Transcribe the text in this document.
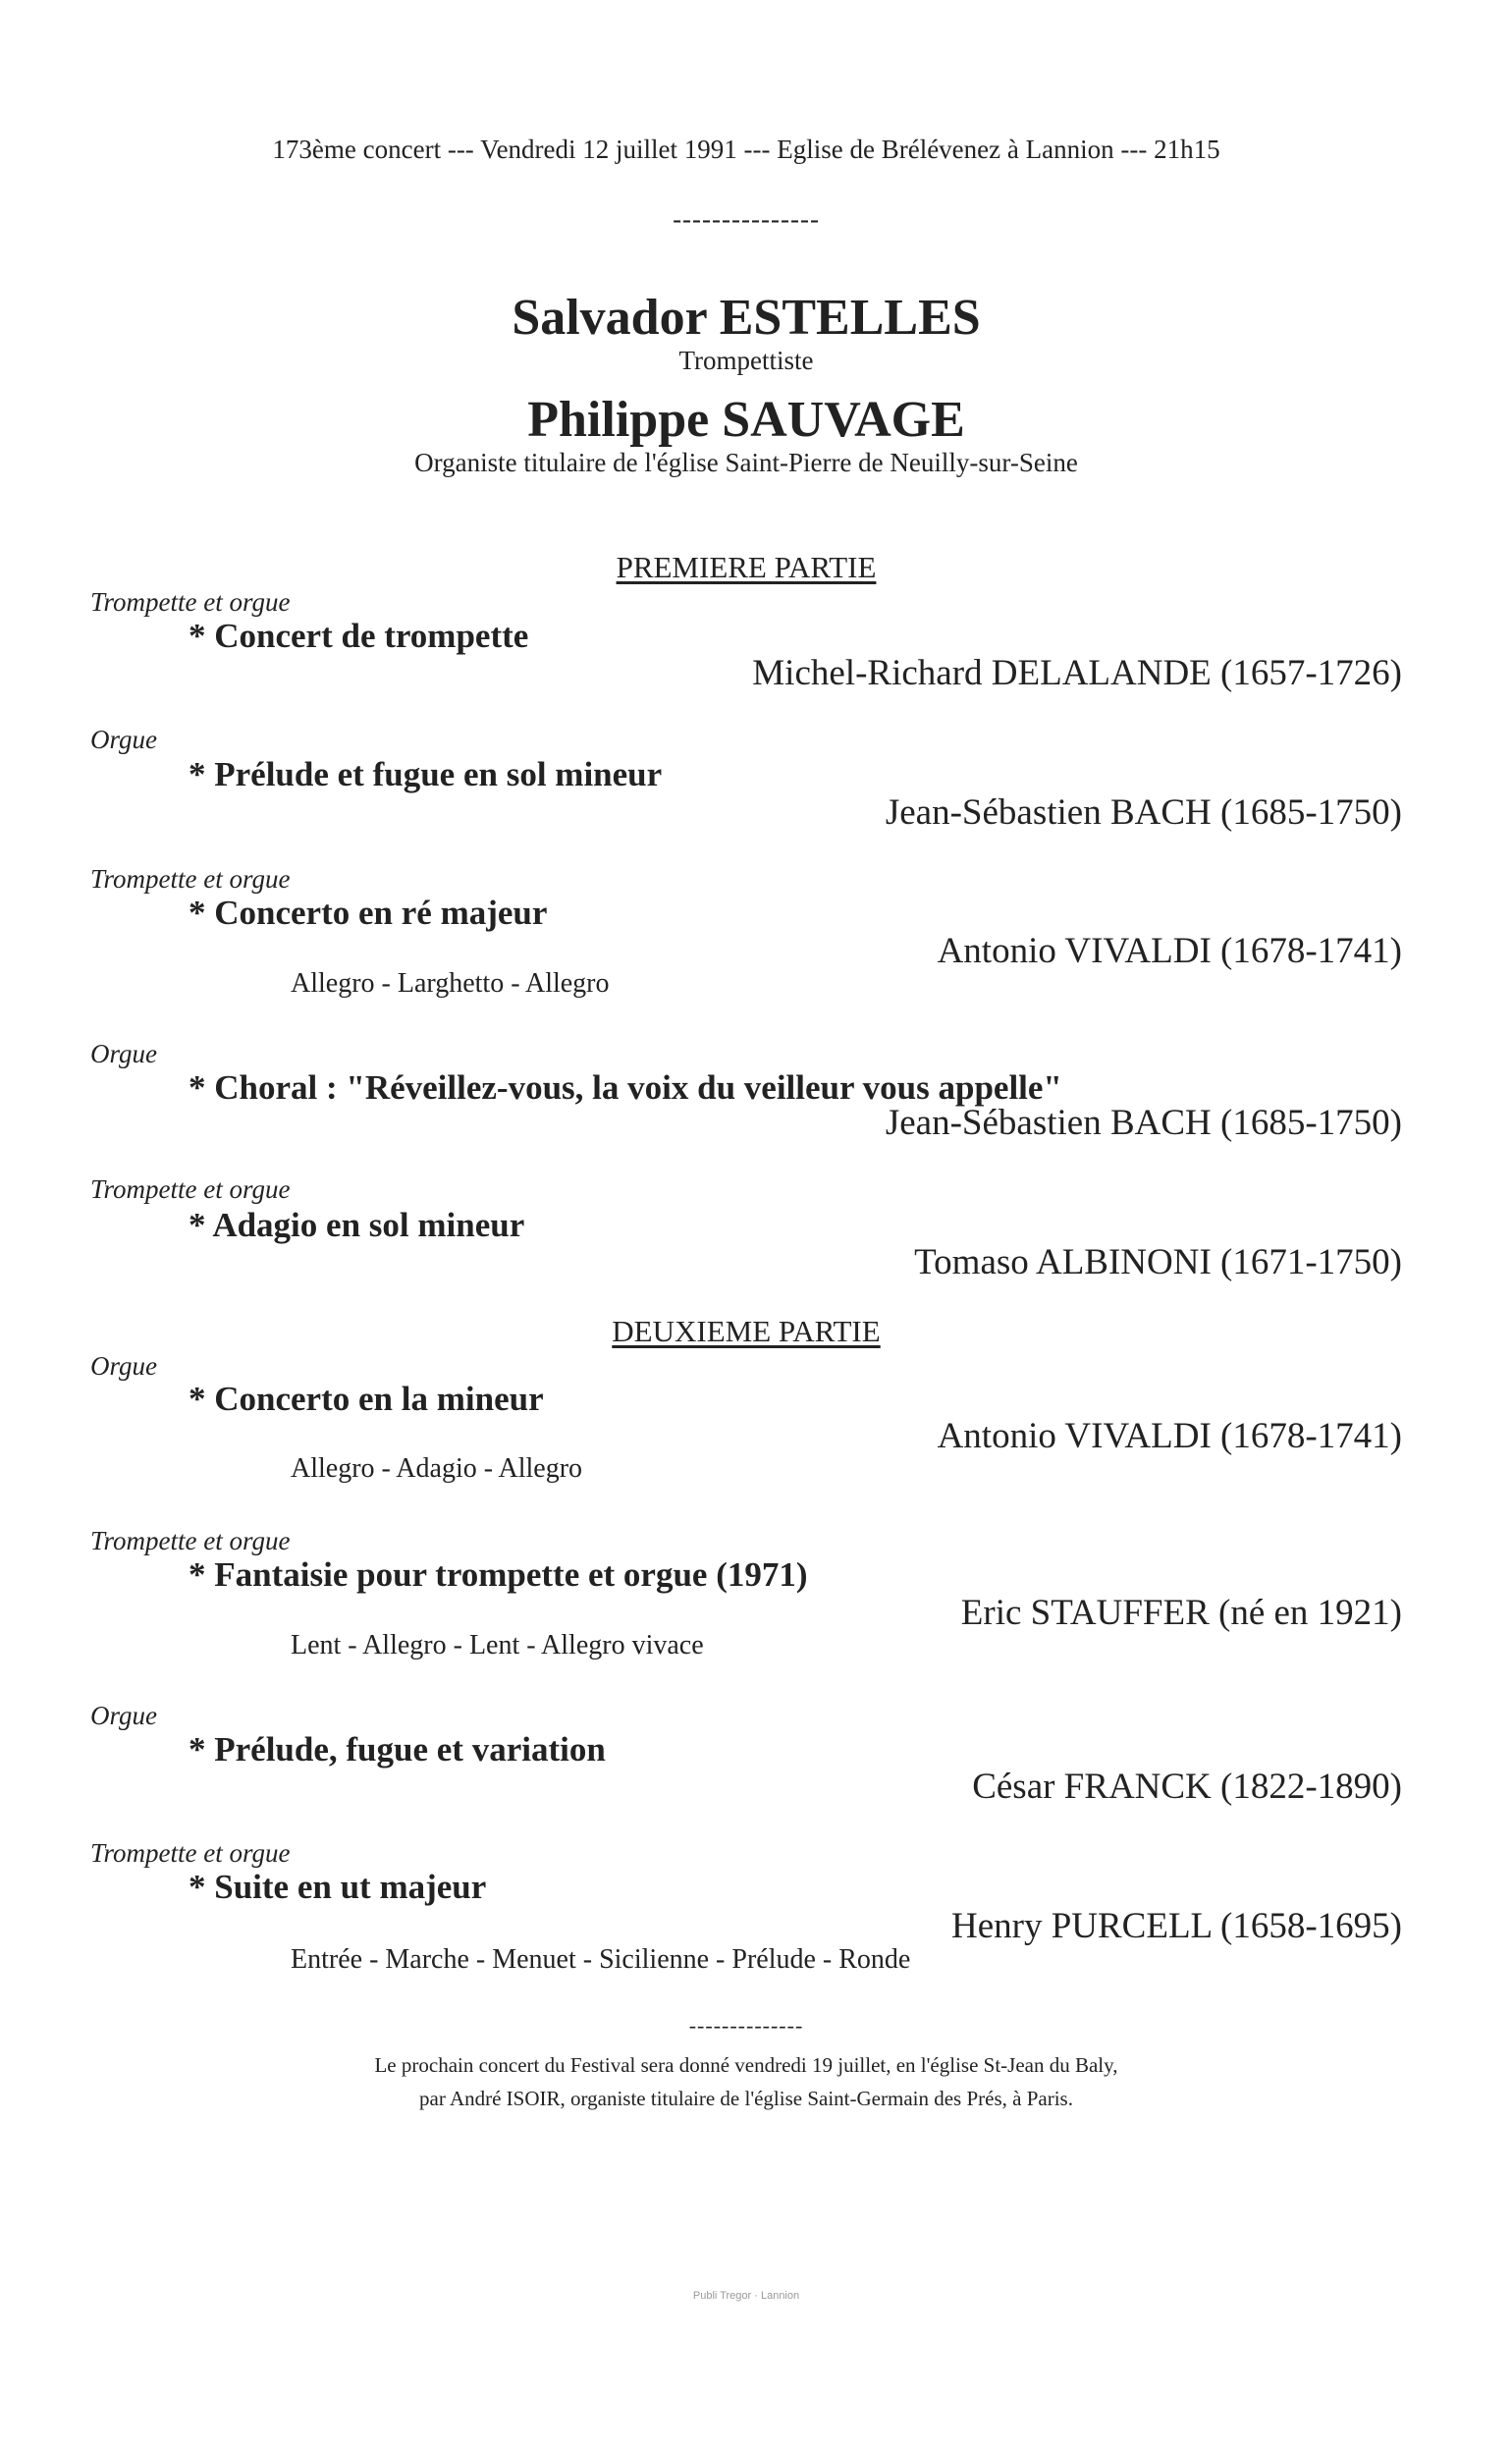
173ème concert --- Vendredi 12 juillet 1991 --- Eglise de Brélévenez à Lannion --- 21h15
---------------
Salvador ESTELLES
Trompettiste
Philippe SAUVAGE
Organiste titulaire de l'église Saint-Pierre de Neuilly-sur-Seine
PREMIERE PARTIE
Trompette et orgue
* Concert de trompette
Michel-Richard DELALANDE (1657-1726)
Orgue
* Prélude et fugue en sol mineur
Jean-Sébastien BACH (1685-1750)
Trompette et orgue
* Concerto en ré majeur
Antonio VIVALDI (1678-1741)
Allegro - Larghetto - Allegro
Orgue
* Choral : "Réveillez-vous, la voix du veilleur vous appelle"
Jean-Sébastien BACH (1685-1750)
Trompette et orgue
* Adagio en sol mineur
Tomaso ALBINONI (1671-1750)
DEUXIEME PARTIE
Orgue
* Concerto en la mineur
Antonio VIVALDI (1678-1741)
Allegro - Adagio - Allegro
Trompette et orgue
* Fantaisie pour trompette et orgue (1971)
Eric STAUFFER (né en 1921)
Lent - Allegro - Lent - Allegro vivace
Orgue
* Prélude, fugue et variation
César FRANCK (1822-1890)
Trompette et orgue
* Suite en ut majeur
Henry PURCELL (1658-1695)
Entrée - Marche - Menuet - Sicilienne - Prélude - Ronde
--------------
Le prochain concert du Festival sera donné vendredi 19 juillet, en l'église St-Jean du Baly,
par André ISOIR, organiste titulaire de l'église Saint-Germain des Prés, à Paris.
Publi Tregor · Lannion
